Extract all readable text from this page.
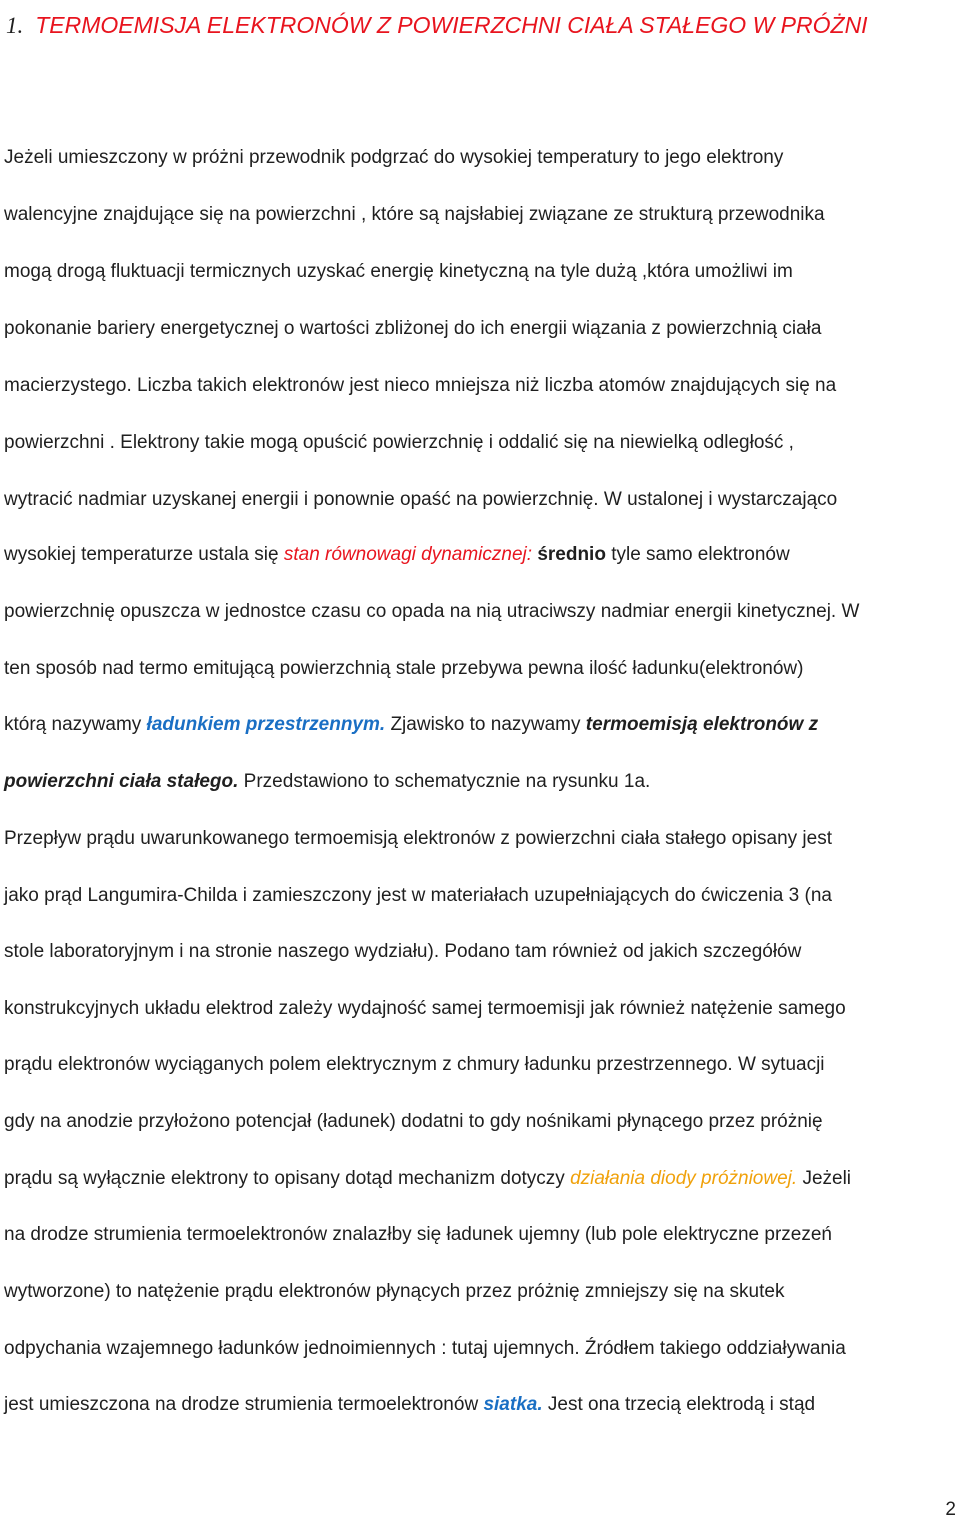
1. TERMOEMISJA ELEKTRONÓW Z POWIERZCHNI CIAŁA STAŁEGO W PRÓŻNI
Jeżeli umieszczony w próżni przewodnik podgrzać do wysokiej temperatury to jego elektrony
walencyjne znajdujące się na powierzchni , które są najsłabiej związane ze strukturą przewodnika
mogą drogą fluktuacji termicznych uzyskać energię kinetyczną na tyle dużą ,która umożliwi im
pokonanie bariery energetycznej o wartości zbliżonej do ich energii wiązania z powierzchnią ciała
macierzystego. Liczba takich elektronów jest nieco mniejsza niż liczba atomów znajdujących się na
powierzchni . Elektrony takie mogą opuścić powierzchnię i oddalić się na niewielką odległość ,
wytracić nadmiar uzyskanej energii i ponownie opaść na powierzchnię. W ustalonej i wystarczająco
wysokiej temperaturze ustala się stan równowagi dynamicznej: średnio tyle samo elektronów
powierzchnię opuszcza w jednostce czasu co opada na nią utraciwszy nadmiar energii kinetycznej. W
ten sposób nad termo emitującą powierzchnią stale przebywa pewna ilość ładunku(elektronów)
którą nazywamy ładunkiem przestrzennym. Zjawisko to nazywamy termoemisją elektronów z
powierzchni ciała stałego. Przedstawiono to schematycznie na rysunku 1a.
Przepływ prądu uwarunkowanego termoemisją elektronów z powierzchni ciała stałego opisany jest
jako prąd Langumira-Childa i zamieszczony jest w materiałach uzupełniających do ćwiczenia 3 (na
stole laboratoryjnym i na stronie naszego wydziału). Podano tam również od jakich szczegółów
konstrukcyjnych układu elektrod zależy wydajność samej termoemisji jak również natężenie samego
prądu elektronów wyciąganych polem elektrycznym z chmury ładunku przestrzennego. W sytuacji
gdy na anodzie przyłożono potencjał (ładunek) dodatni to gdy nośnikami płynącego przez próżnię
prądu są wyłącznie elektrony to opisany dotąd mechanizm dotyczy działania diody próżniowej. Jeżeli
na drodze strumienia termoelektronów znalazłby się ładunek ujemny (lub pole elektryczne przezeń
wytworzone) to natężenie prądu elektronów płynących przez próżnię zmniejszy się na skutek
odpychania wzajemnego ładunków jednoimiennych : tutaj ujemnych. Źródłem takiego oddziaływania
jest umieszczona na drodze strumienia termoelektronów siatka. Jest ona trzecią elektrodą i stąd
2
